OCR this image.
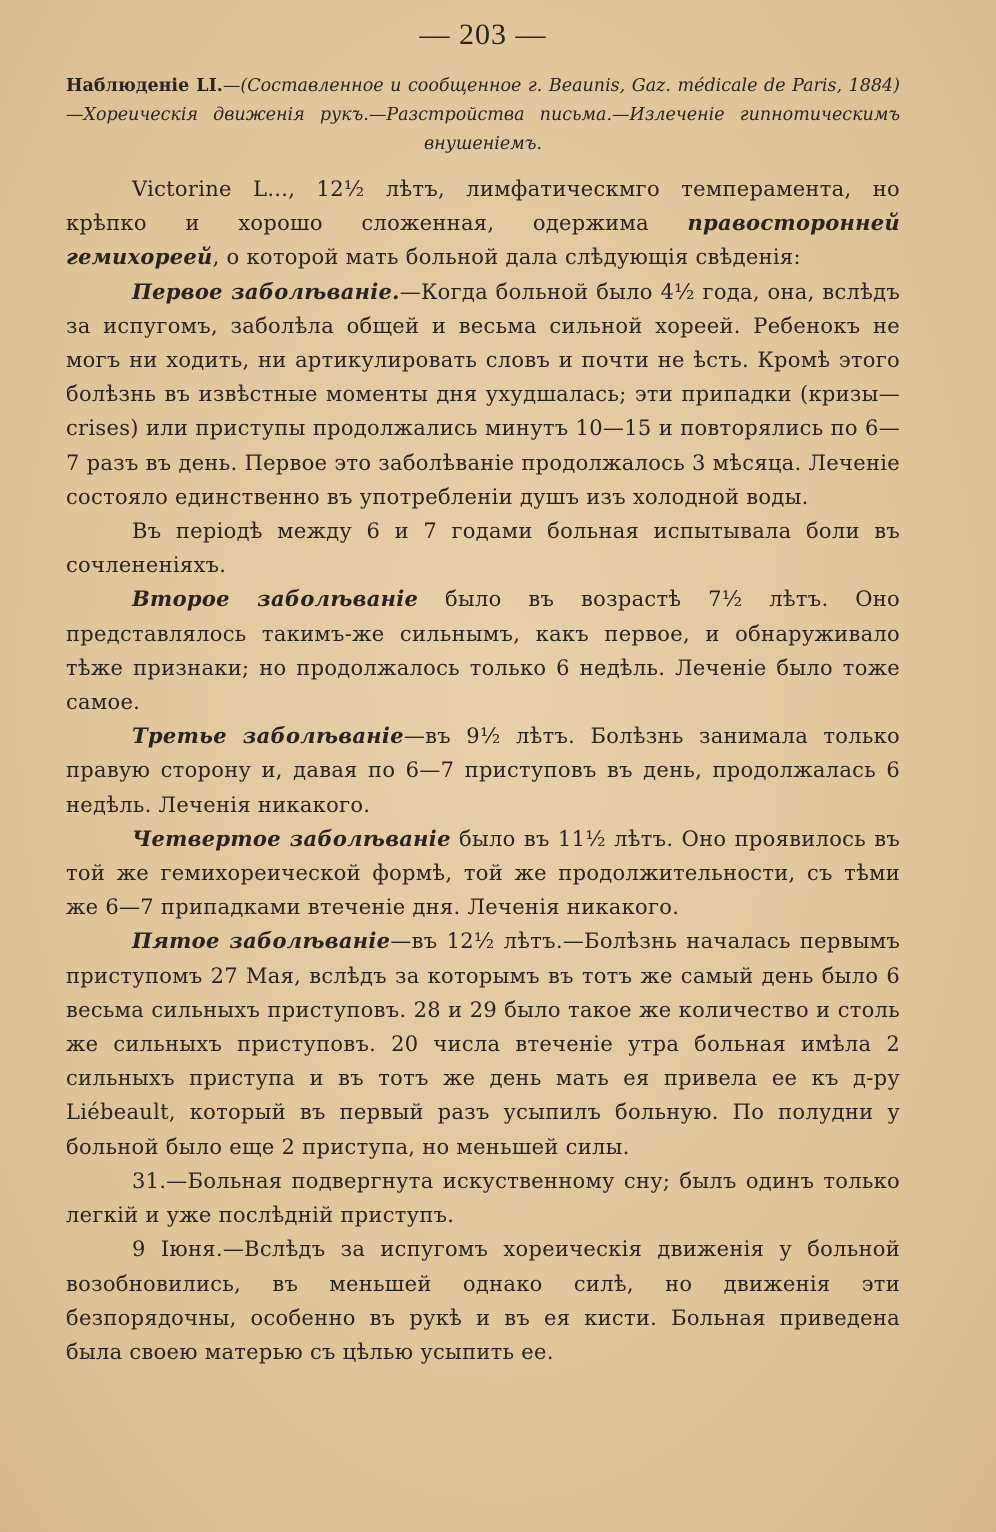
— 203 —

Наблюденіе LI.—(Составленное и сообщенное г. Beaunis, Gaz. médicale de Paris, 1884)—Хореическія движенія рукъ.—Разстройства письма.—Излеченіе гипнотическимъ внушеніемъ.

Victorine L..., 12½ лѣтъ, лимфатическмго темперамента, но крѣпко и хорошо сложенная, одержима правосторонней гемихореей, о которой мать больной дала слѣдующія свѣденія:

Первое заболѣваніе.—Когда больной было 4½ года, она, вслѣдъ за испугомъ, заболѣла общей и весьма сильной хореей. Ребенокъ не могъ ни ходить, ни артикулировать словъ и почти не ѣсть. Кромѣ этого болѣзнь въ извѣстные моменты дня ухудшалась; эти припадки (кризы—crises) или приступы продолжались минутъ 10—15 и повторялись по 6—7 разъ въ день. Первое это заболѣваніе продолжалось 3 мѣсяца. Леченіе состояло единственно въ употребленіи душъ изъ холодной воды.

Въ періодѣ между 6 и 7 годами больная испытывала боли въ сочлененіяхъ.

Второе заболѣваніе было въ возрастѣ 7½ лѣтъ. Оно представлялось такимъ-же сильнымъ, какъ первое, и обнаруживало тѣже признаки; но продолжалось только 6 недѣль. Леченіе было тоже самое.

Третье заболѣваніе—въ 9½ лѣтъ. Болѣзнь занимала только правую сторону и, давая по 6—7 приступовъ въ день, продолжалась 6 недѣль. Леченія никакого.

Четвертое заболѣваніе было въ 11½ лѣтъ. Оно проявилось въ той же гемихореической формѣ, той же продолжительности, съ тѣми же 6—7 припадками втеченіе дня. Леченія никакого.

Пятое заболѣваніе—въ 12½ лѣтъ.—Болѣзнь началась первымъ приступомъ 27 Мая, вслѣдъ за которымъ въ тотъ же самый день было 6 весьма сильныхъ приступовъ. 28 и 29 было такое же количество и столь же сильныхъ приступовъ. 20 числа втеченіе утра больная имѣла 2 сильныхъ приступа и въ тотъ же день мать ея привела ее къ д-ру Liébeault, который въ первый разъ усыпилъ больную. По полудни у больной было еще 2 приступа, но меньшей силы.

31.—Больная подвергнута искуственному сну; былъ одинъ только легкій и уже послѣдній приступъ.

9 Іюня.—Вслѣдъ за испугомъ хореическія движенія у больной возобновились, въ меньшей однако силѣ, но движенія эти безпорядочны, особенно въ рукѣ и въ ея кисти. Больная приведена была своею матерью съ цѣлью усыпить ее.
